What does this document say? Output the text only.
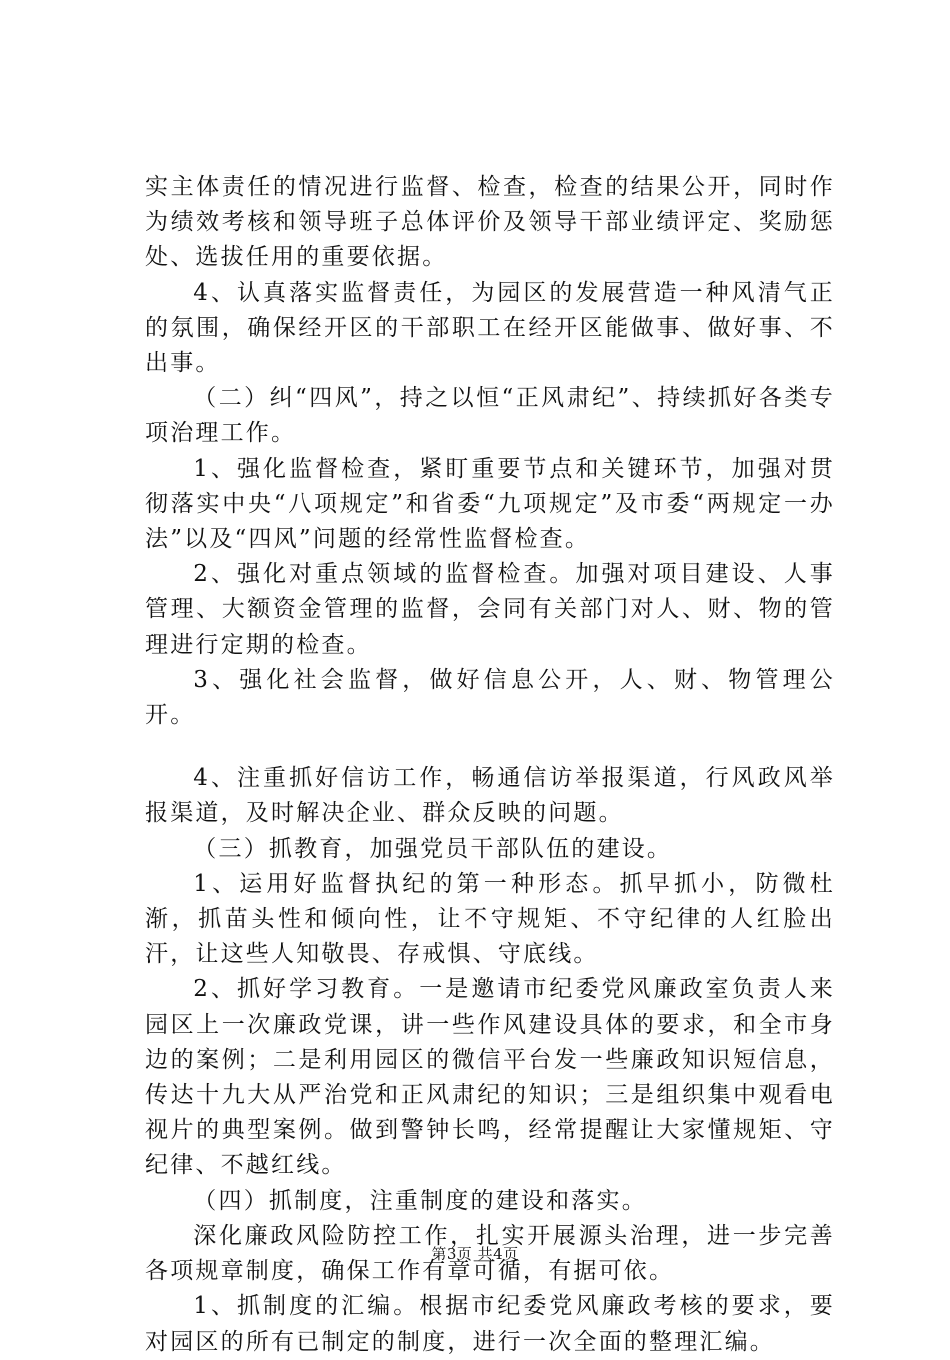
实主体责任的情况进行监督、检查，检查的结果公开，同时作为绩效考核和领导班子总体评价及领导干部业绩评定、奖励惩处、选拔任用的重要依据。

4、认真落实监督责任，为园区的发展营造一种风清气正的氛围，确保经开区的干部职工在经开区能做事、做好事、不出事。

（二）纠“四风”，持之以恒“正风肃纪”、持续抓好各类专项治理工作。

1、强化监督检查，紧盯重要节点和关键环节，加强对贯彻落实中央“八项规定”和省委“九项规定”及市委“两规定一办法”以及“四风”问题的经常性监督检查。

2、强化对重点领域的监督检查。加强对项目建设、人事管理、大额资金管理的监督，会同有关部门对人、财、物的管理进行定期的检查。

3、强化社会监督，做好信息公开，人、财、物管理公开。

4、注重抓好信访工作，畅通信访举报渠道，行风政风举报渠道，及时解决企业、群众反映的问题。

（三）抓教育，加强党员干部队伍的建设。

1、运用好监督执纪的第一种形态。抓早抓小，防微杜渐，抓苗头性和倾向性，让不守规矩、不守纪律的人红脸出汗，让这些人知敬畏、存戒惧、守底线。

2、抓好学习教育。一是邀请市纪委党风廉政室负责人来园区上一次廉政党课，讲一些作风建设具体的要求，和全市身边的案例；二是利用园区的微信平台发一些廉政知识短信息，传达十九大从严治党和正风肃纪的知识；三是组织集中观看电视片的典型案例。做到警钟长鸣，经常提醒让大家懂规矩、守纪律、不越红线。

（四）抓制度，注重制度的建设和落实。

深化廉政风险防控工作，扎实开展源头治理，进一步完善各项规章制度，确保工作有章可循，有据可依。

1、抓制度的汇编。根据市纪委党风廉政考核的要求，要对园区的所有已制定的制度，进行一次全面的整理汇编。

第3页 共4页
